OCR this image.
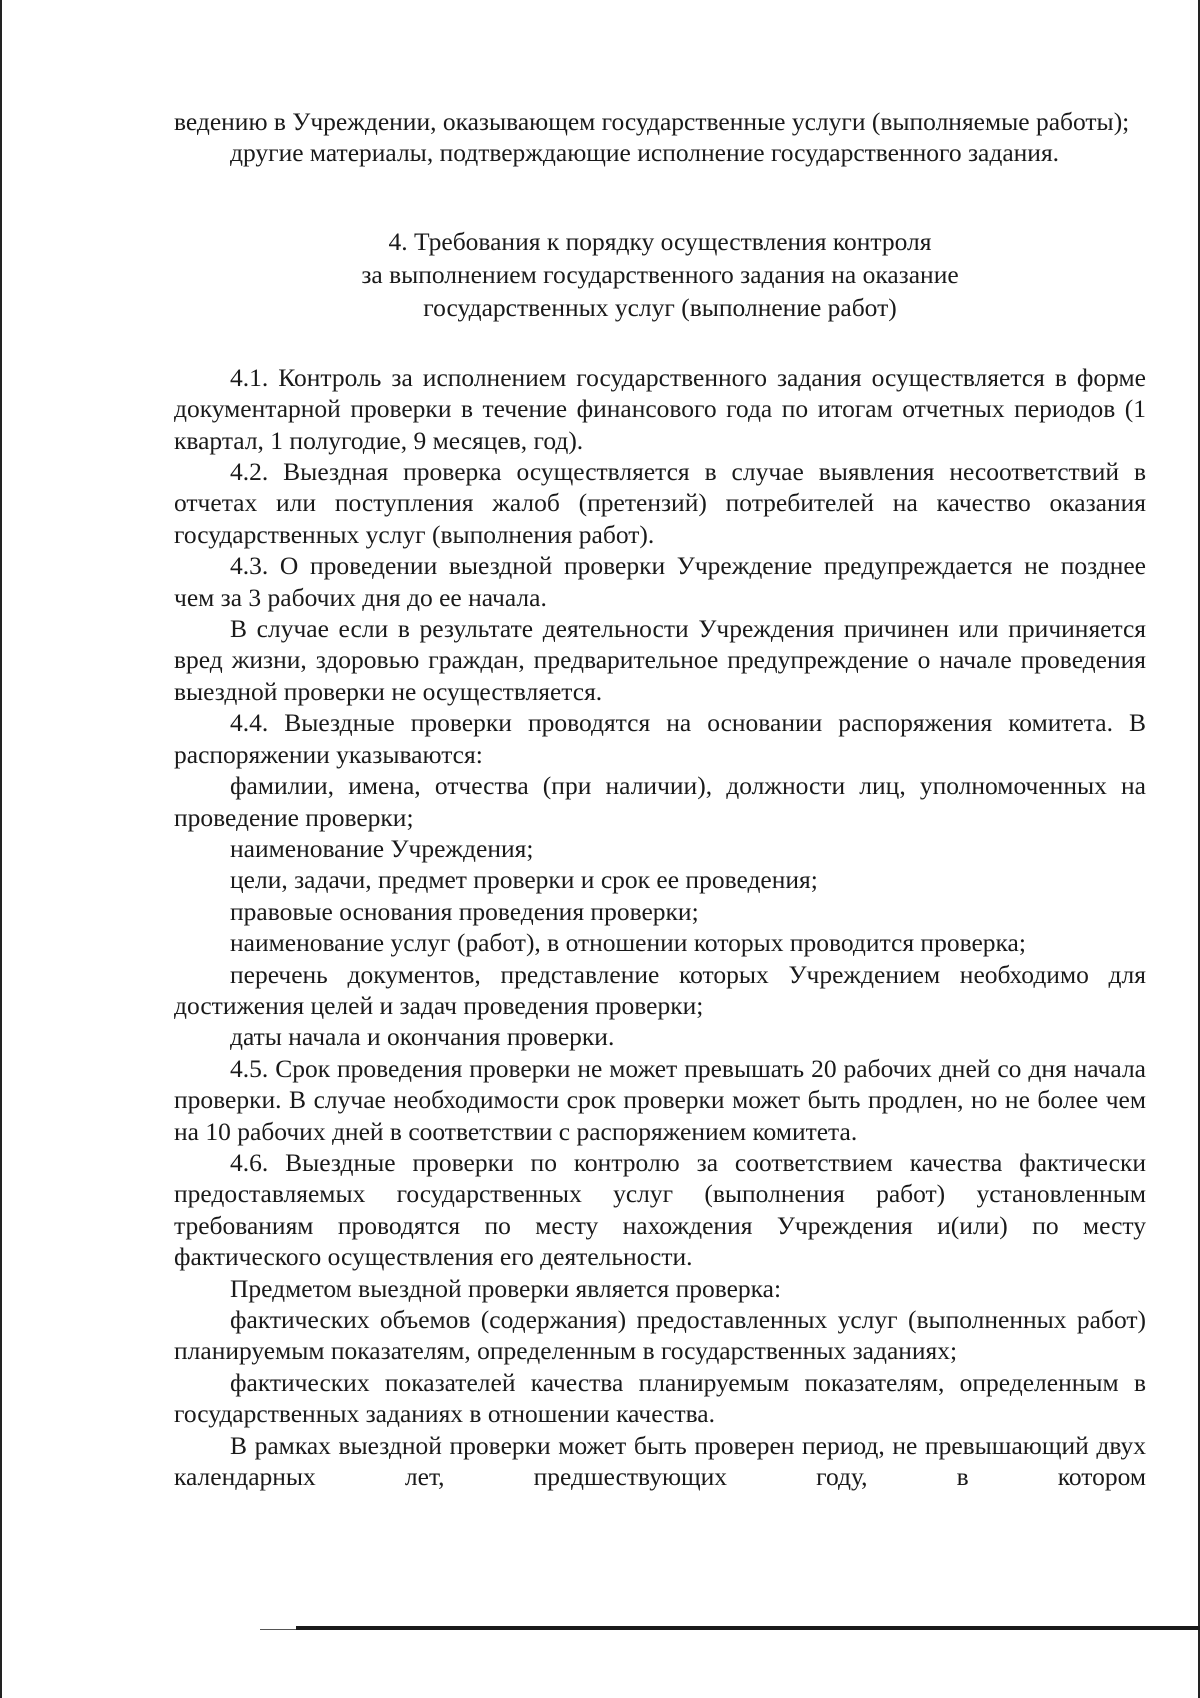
ведению в Учреждении, оказывающем государственные услуги (выполняемые работы);

другие материалы, подтверждающие исполнение государственного задания.

4. Требования к порядку осуществления контроля
за выполнением государственного задания на оказание
государственных услуг (выполнение работ)

4.1. Контроль за исполнением государственного задания осуществляется в форме документарной проверки в течение финансового года по итогам отчетных периодов (1 квартал, 1 полугодие, 9 месяцев, год).

4.2. Выездная проверка осуществляется в случае выявления несоответствий в отчетах или поступления жалоб (претензий) потребителей на качество оказания государственных услуг (выполнения работ).

4.3. О проведении выездной проверки Учреждение предупреждается не позднее чем за 3 рабочих дня до ее начала.

В случае если в результате деятельности Учреждения причинен или причиняется вред жизни, здоровью граждан, предварительное предупреждение о начале проведения выездной проверки не осуществляется.

4.4. Выездные проверки проводятся на основании распоряжения комитета. В распоряжении указываются:

фамилии, имена, отчества (при наличии), должности лиц, уполномоченных на проведение проверки;

наименование Учреждения;

цели, задачи, предмет проверки и срок ее проведения;

правовые основания проведения проверки;

наименование услуг (работ), в отношении которых проводится проверка;

перечень документов, представление которых Учреждением необходимо для достижения целей и задач проведения проверки;

даты начала и окончания проверки.

4.5. Срок проведения проверки не может превышать 20 рабочих дней со дня начала проверки. В случае необходимости срок проверки может быть продлен, но не более чем на 10 рабочих дней в соответствии с распоряжением комитета.

4.6. Выездные проверки по контролю за соответствием качества фактически предоставляемых государственных услуг (выполнения работ) установленным требованиям проводятся по месту нахождения Учреждения и(или) по месту фактического осуществления его деятельности.

Предметом выездной проверки является проверка:

фактических объемов (содержания) предоставленных услуг (выполненных работ) планируемым показателям, определенным в государственных заданиях;

фактических показателей качества планируемым показателям, определенным в государственных заданиях в отношении качества.

В рамках выездной проверки может быть проверен период, не превышающий двух календарных лет, предшествующих году, в котором
